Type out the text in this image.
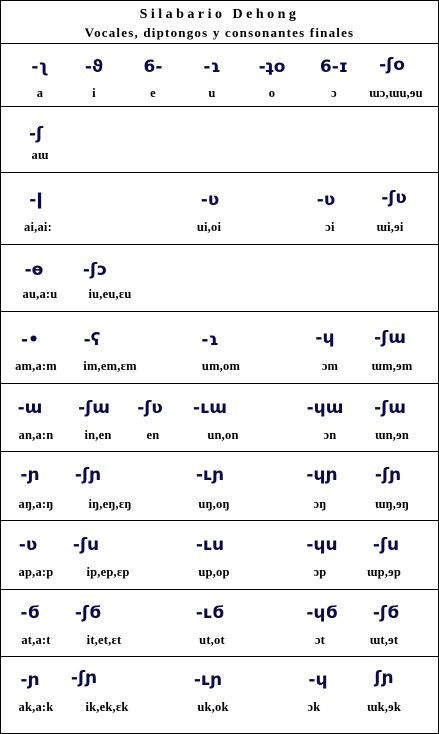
Silabario Dehong
Vocales, diptongos y consonantes finales
-ʅ
a
-ϑ
i
6-
e
-ɿ
u
-ʇo
o
6-ɪ
ɔ
-ʃo
ɯɔ,ɯu,ɘu
-ʃ
aɯ
-ǀ
ai,ai:
-ʋ
ui,oi
-ʋ
ɔi
-ʃʋ
ɯi,ɘi
-ɵ
au,a:u
-ʃɔ
iu,eu,ɛu
-•
am,a:m
-ʕ
im,em,ɛm
-ɿ
um,om
-ɥ
ɔm
-ʃɯ
ɯm,ɘm
-ɯ
an,a:n
-ʃɯ
in,en
-ʃʋ
en
-ʟɯ
un,on
-ɥɯ
ɔn
-ʃɯ
ɯn,ɘn
-ɲ
aŋ,a:ŋ
-ʃɲ
iŋ,eŋ,ɛŋ
-ʟɲ
uŋ,oŋ
-ɥɲ
ɔŋ
-ʃɲ
ɯŋ,ɘŋ
-ʋ
ap,a:p
-ʃu
ip,ep,ɛp
-ʟu
up,op
-ɥu
ɔp
-ʃu
ɯp,ɘp
-ϭ
at,a:t
-ʃϭ
it,et,ɛt
-ʟϭ
ut,ot
-ɥϭ
ɔt
-ʃϭ
ɯt,ɘt
-ɲ
ak,a:k
-ʃɲ
ik,ek,ɛk
-ʟɲ
uk,ok
-ɥ
ɔk
ʃɲ
ɯk,ɘk
